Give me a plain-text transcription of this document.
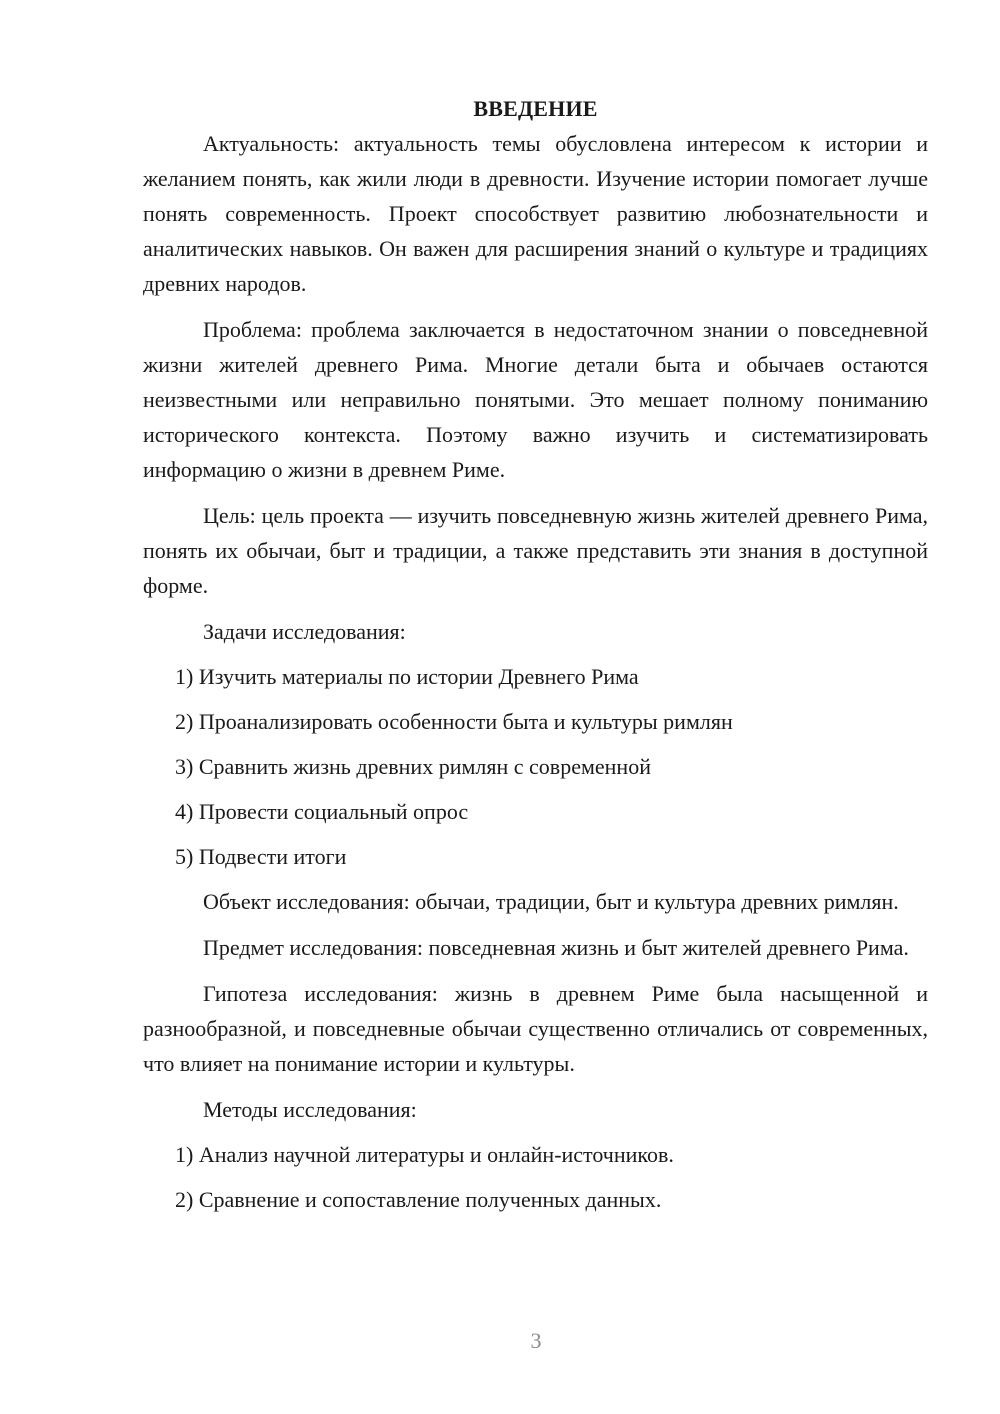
ВВЕДЕНИЕ

Актуальность: актуальность темы обусловлена интересом к истории и желанием понять, как жили люди в древности. Изучение истории помогает лучше понять современность. Проект способствует развитию любознательности и аналитических навыков. Он важен для расширения знаний о культуре и традициях древних народов.

Проблема: проблема заключается в недостаточном знании о повседневной жизни жителей древнего Рима. Многие детали быта и обычаев остаются неизвестными или неправильно понятыми. Это мешает полному пониманию исторического контекста. Поэтому важно изучить и систематизировать информацию о жизни в древнем Риме.

Цель: цель проекта — изучить повседневную жизнь жителей древнего Рима, понять их обычаи, быт и традиции, а также представить эти знания в доступной форме.

Задачи исследования:

1) Изучить материалы по истории Древнего Рима
2) Проанализировать особенности быта и культуры римлян
3) Сравнить жизнь древних римлян с современной
4) Провести социальный опрос
5) Подвести итоги

Объект исследования: обычаи, традиции, быт и культура древних римлян.

Предмет исследования: повседневная жизнь и быт жителей древнего Рима.

Гипотеза исследования: жизнь в древнем Риме была насыщенной и разнообразной, и повседневные обычаи существенно отличались от современных, что влияет на понимание истории и культуры.

Методы исследования:

1) Анализ научной литературы и онлайн-источников.
2) Сравнение и сопоставление полученных данных.
3
